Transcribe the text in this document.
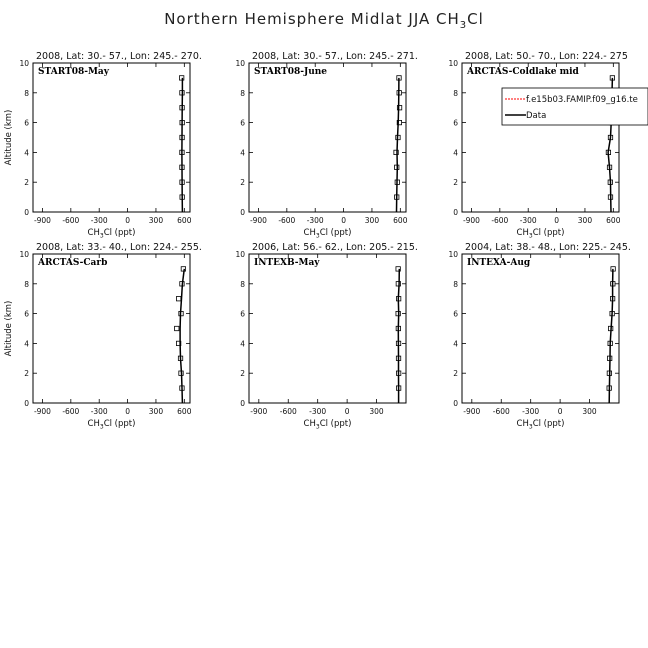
Northern Hemisphere Midlat JJA $CH_3Cl$
2008, Lat: 30.- 57., Lon: 245.- 270.
0
2
4
6
8
10
-900 -600 -300 0	300 600
$CH_3Cl$ (ppt)
Altitude (km)
START08-May
2008, Lat: 30.- 57., Lon: 245.- 271.
0
2
4
6
8
10
-900 -600 -300 0	300 600
$CH_3Cl$ (ppt)
START08-June
2008, Lat: 50.- 70., Lon: 224.- 275
0
2
4
6
8
10
-900 -600 -300 0	300 600
$CH_3Cl$ (ppt)
ARCTAS-Coldlake mid
f.e15b03.FAMIP.f09_g16.te
Data
2008, Lat: 33.- 40., Lon: 224.- 255.
0
2
4
6
8
10
-900 -600 -300 0	300 600
$CH_3Cl$ (ppt)
Altitude (km)
ARCTAS-Carb
2006, Lat: 56.- 62., Lon: 205.- 215.
0
2
4
6
8
10
-900 -600 -300 0	300
$CH_3Cl$ (ppt)
INTEXB-May
2004, Lat: 38.- 48., Lon: 225.- 245.
0
2
4
6
8
10
-900 -600 -300 0	300
$CH_3Cl$ (ppt)
INTEXA-Aug
